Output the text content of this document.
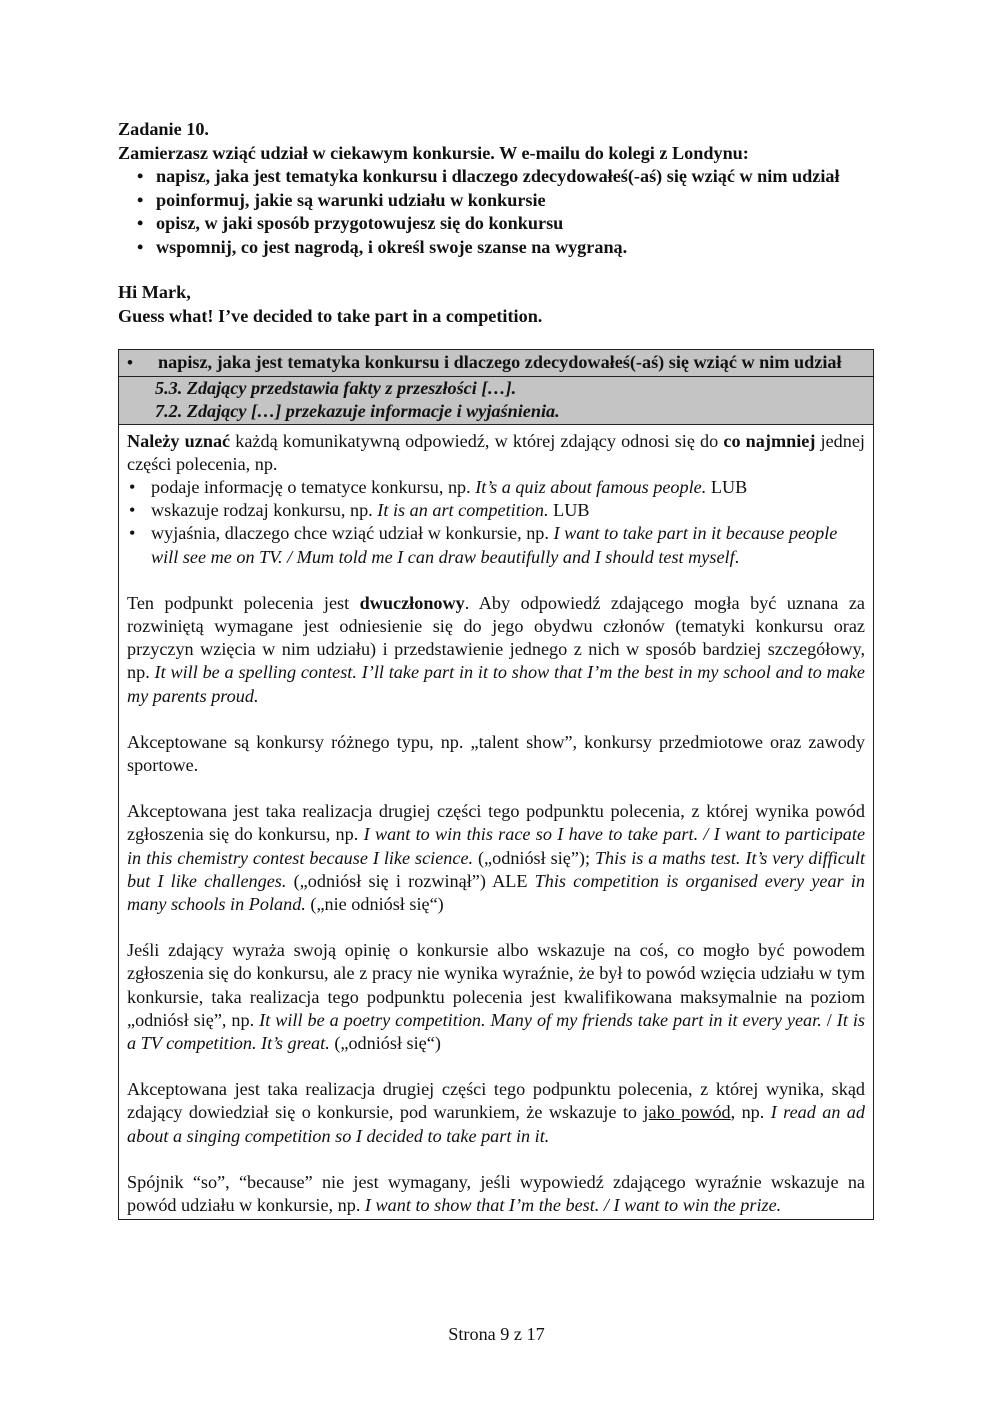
Zadanie 10.
Zamierzasz wziąć udział w ciekawym konkursie. W e-mailu do kolegi z Londynu:
• napisz, jaka jest tematyka konkursu i dlaczego zdecydowałeś(-aś) się wziąć w nim udział
• poinformuj, jakie są warunki udziału w konkursie
• opisz, w jaki sposób przygotowujesz się do konkursu
• wspomnij, co jest nagrodą, i określ swoje szanse na wygraną.
Hi Mark,
Guess what! I’ve decided to take part in a competition.
• napisz, jaka jest tematyka konkursu i dlaczego zdecydowałeś(-aś) się wziąć w nim udział
5.3. Zdający przedstawia fakty z przeszłości […].
7.2. Zdający […] przekazuje informacje i wyjaśnienia.

Należy uznać każdą komunikatywną odpowiedź, w której zdający odnosi się do co najmniej jednej części polecenia, np.

• podaje informację o tematyce konkursu, np. It’s a quiz about famous people. LUB
• wskazuje rodzaj konkursu, np. It is an art competition. LUB
• wyjaśnia, dlaczego chce wziąć udział w konkursie, np. I want to take part in it because people will see me on TV. / Mum told me I can draw beautifully and I should test myself.

Ten podpunkt polecenia jest dwuczłonowy. Aby odpowiedź zdającego mogła być uznana za rozwiniętą wymagane jest odniesienie się do jego obydwu członów (tematyki konkursu oraz przyczyn wzięcia w nim udziału) i przedstawienie jednego z nich w sposób bardziej szczegółowy, np. It will be a spelling contest. I’ll take part in it to show that I’m the best in my school and to make my parents proud.

Akceptowane są konkursy różnego typu, np. „talent show”, konkursy przedmiotowe oraz zawody sportowe.

Akceptowana jest taka realizacja drugiej części tego podpunktu polecenia, z której wynika powód zgłoszenia się do konkursu, np. I want to win this race so I have to take part. / I want to participate in this chemistry contest because I like science. („odniósł się”); This is a maths test. It’s very difficult but I like challenges. („odniósł się i rozwinął”) ALE This competition is organised every year in many schools in Poland. („nie odniósł się“)

Jeśli zdający wyraża swoją opinię o konkursie albo wskazuje na coś, co mogło być powodem zgłoszenia się do konkursu, ale z pracy nie wynika wyraźnie, że był to powód wzięcia udziału w tym konkursie, taka realizacja tego podpunktu polecenia jest kwalifikowana maksymalnie na poziom „odniósł się”, np. It will be a poetry competition. Many of my friends take part in it every year. / It is a TV competition. It’s great. („odniósł się“)

Akceptowana jest taka realizacja drugiej części tego podpunktu polecenia, z której wynika, skąd zdający dowiedział się o konkursie, pod warunkiem, że wskazuje to jako powód, np. I read an ad about a singing competition so I decided to take part in it.

Spójnik “so”, “because” nie jest wymagany, jeśli wypowiedź zdającego wyraźnie wskazuje na powód udziału w konkursie, np. I want to show that I’m the best. / I want to win the prize.

Strona 9 z 17
